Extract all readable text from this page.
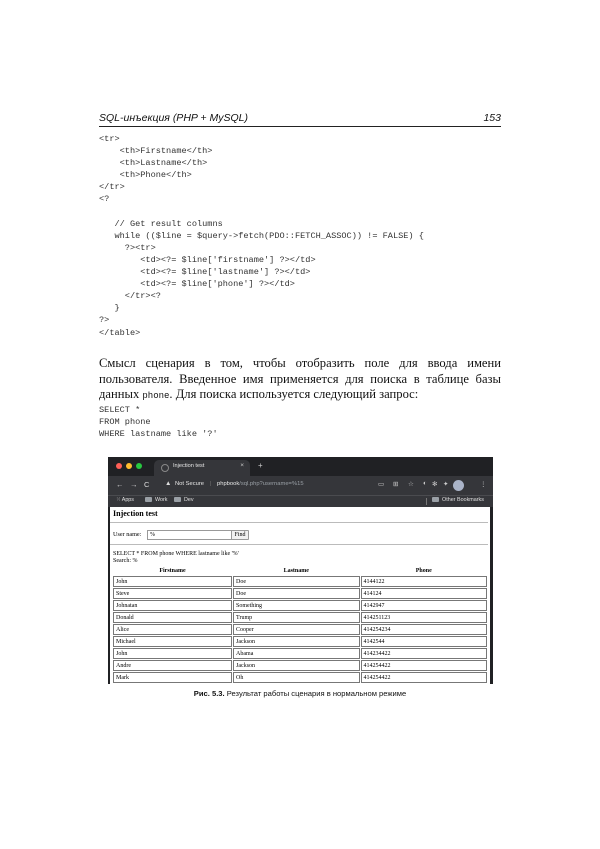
SQL-инъекция (PHP + MySQL)	153
<tr>
<th>Firstname</th>
<th>Lastname</th>
<th>Phone</th>
</tr>
<?
// Get result columns
while (($line = $query->fetch(PDO::FETCH_ASSOC)) != FALSE) {
?><tr>
<td><?= $line['firstname'] ?></td>
<td><?= $line['lastname'] ?></td>
<td><?= $line['phone'] ?></td>
</tr><?
}
?>
</table>

Смысл сценария в том, чтобы отобразить поле для ввода имени пользователя. Введенное имя применяется для поиска в таблице базы данных phone. Для поиска используется следующий запрос:

SELECT *
FROM phone
WHERE lastname like '?'
Injection test	× +
← → C ▲ Not Secure | phpbook/sql.php?username=%15	▭ ⊞ ☆ ◐ ✻ ✦	⋮
⁙ Apps	Work	Dev	Other Bookmarks
Injection test
User name:	%	Find
SELECT * FROM phone WHERE lastname like '%'
Search: %
Firstname	Lastname	Phone
John	Doe	4144122
Steve	Doe	414124
Johnatan	Something	4142947
Donald	Trump	414251123
Alice	Cooper	414254234
Michael	Jackson	4142544
John	Abama	414234422
Andre	Jackson	414254422
Mark	Oh	414254422
Рис. 5.3. Результат работы сценария в нормальном режиме
